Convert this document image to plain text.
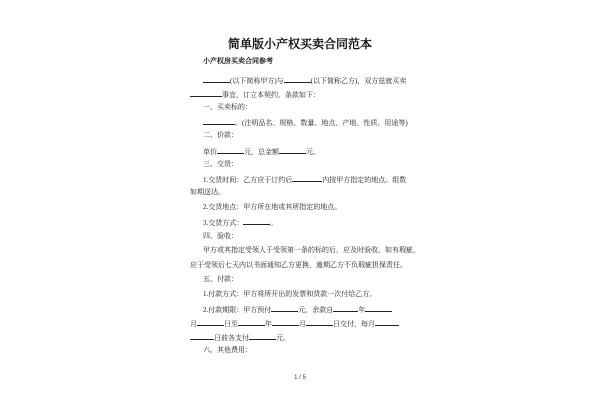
简单版小产权买卖合同范本
小产权房买卖合同参考
(以下简称甲方)与	(以下简称乙方)，双方兹就买卖
事宜，订立本契约，条款如下：
一、买卖标的：
。(注明品名、规格、数量、地点、产地、性质、用途等)
二、价款：
单价	元，总金额	元。
三、交货：
1.交货时间：乙方应于订约后	内按甲方指定的地点。组数
如期送达。
2.交货地点：甲方所在地或其所指定的地点。
3.交货方式：	。
四、验收：
甲方或其指定受领人于受领第一条的标的后，应及时验收，如有瑕疵，
应于受领后七天内以书面通知乙方更换，逾期乙方不负瑕疵担保责任。
五、付款：
1.付款方式：甲方将所开出的发票和货款一次付给乙方。
2.付款期限：甲方预付	元，余款自	年
月	日至	年	月	日交付，每月
日前各支付	元。
六、其他费用：
1 / 5
